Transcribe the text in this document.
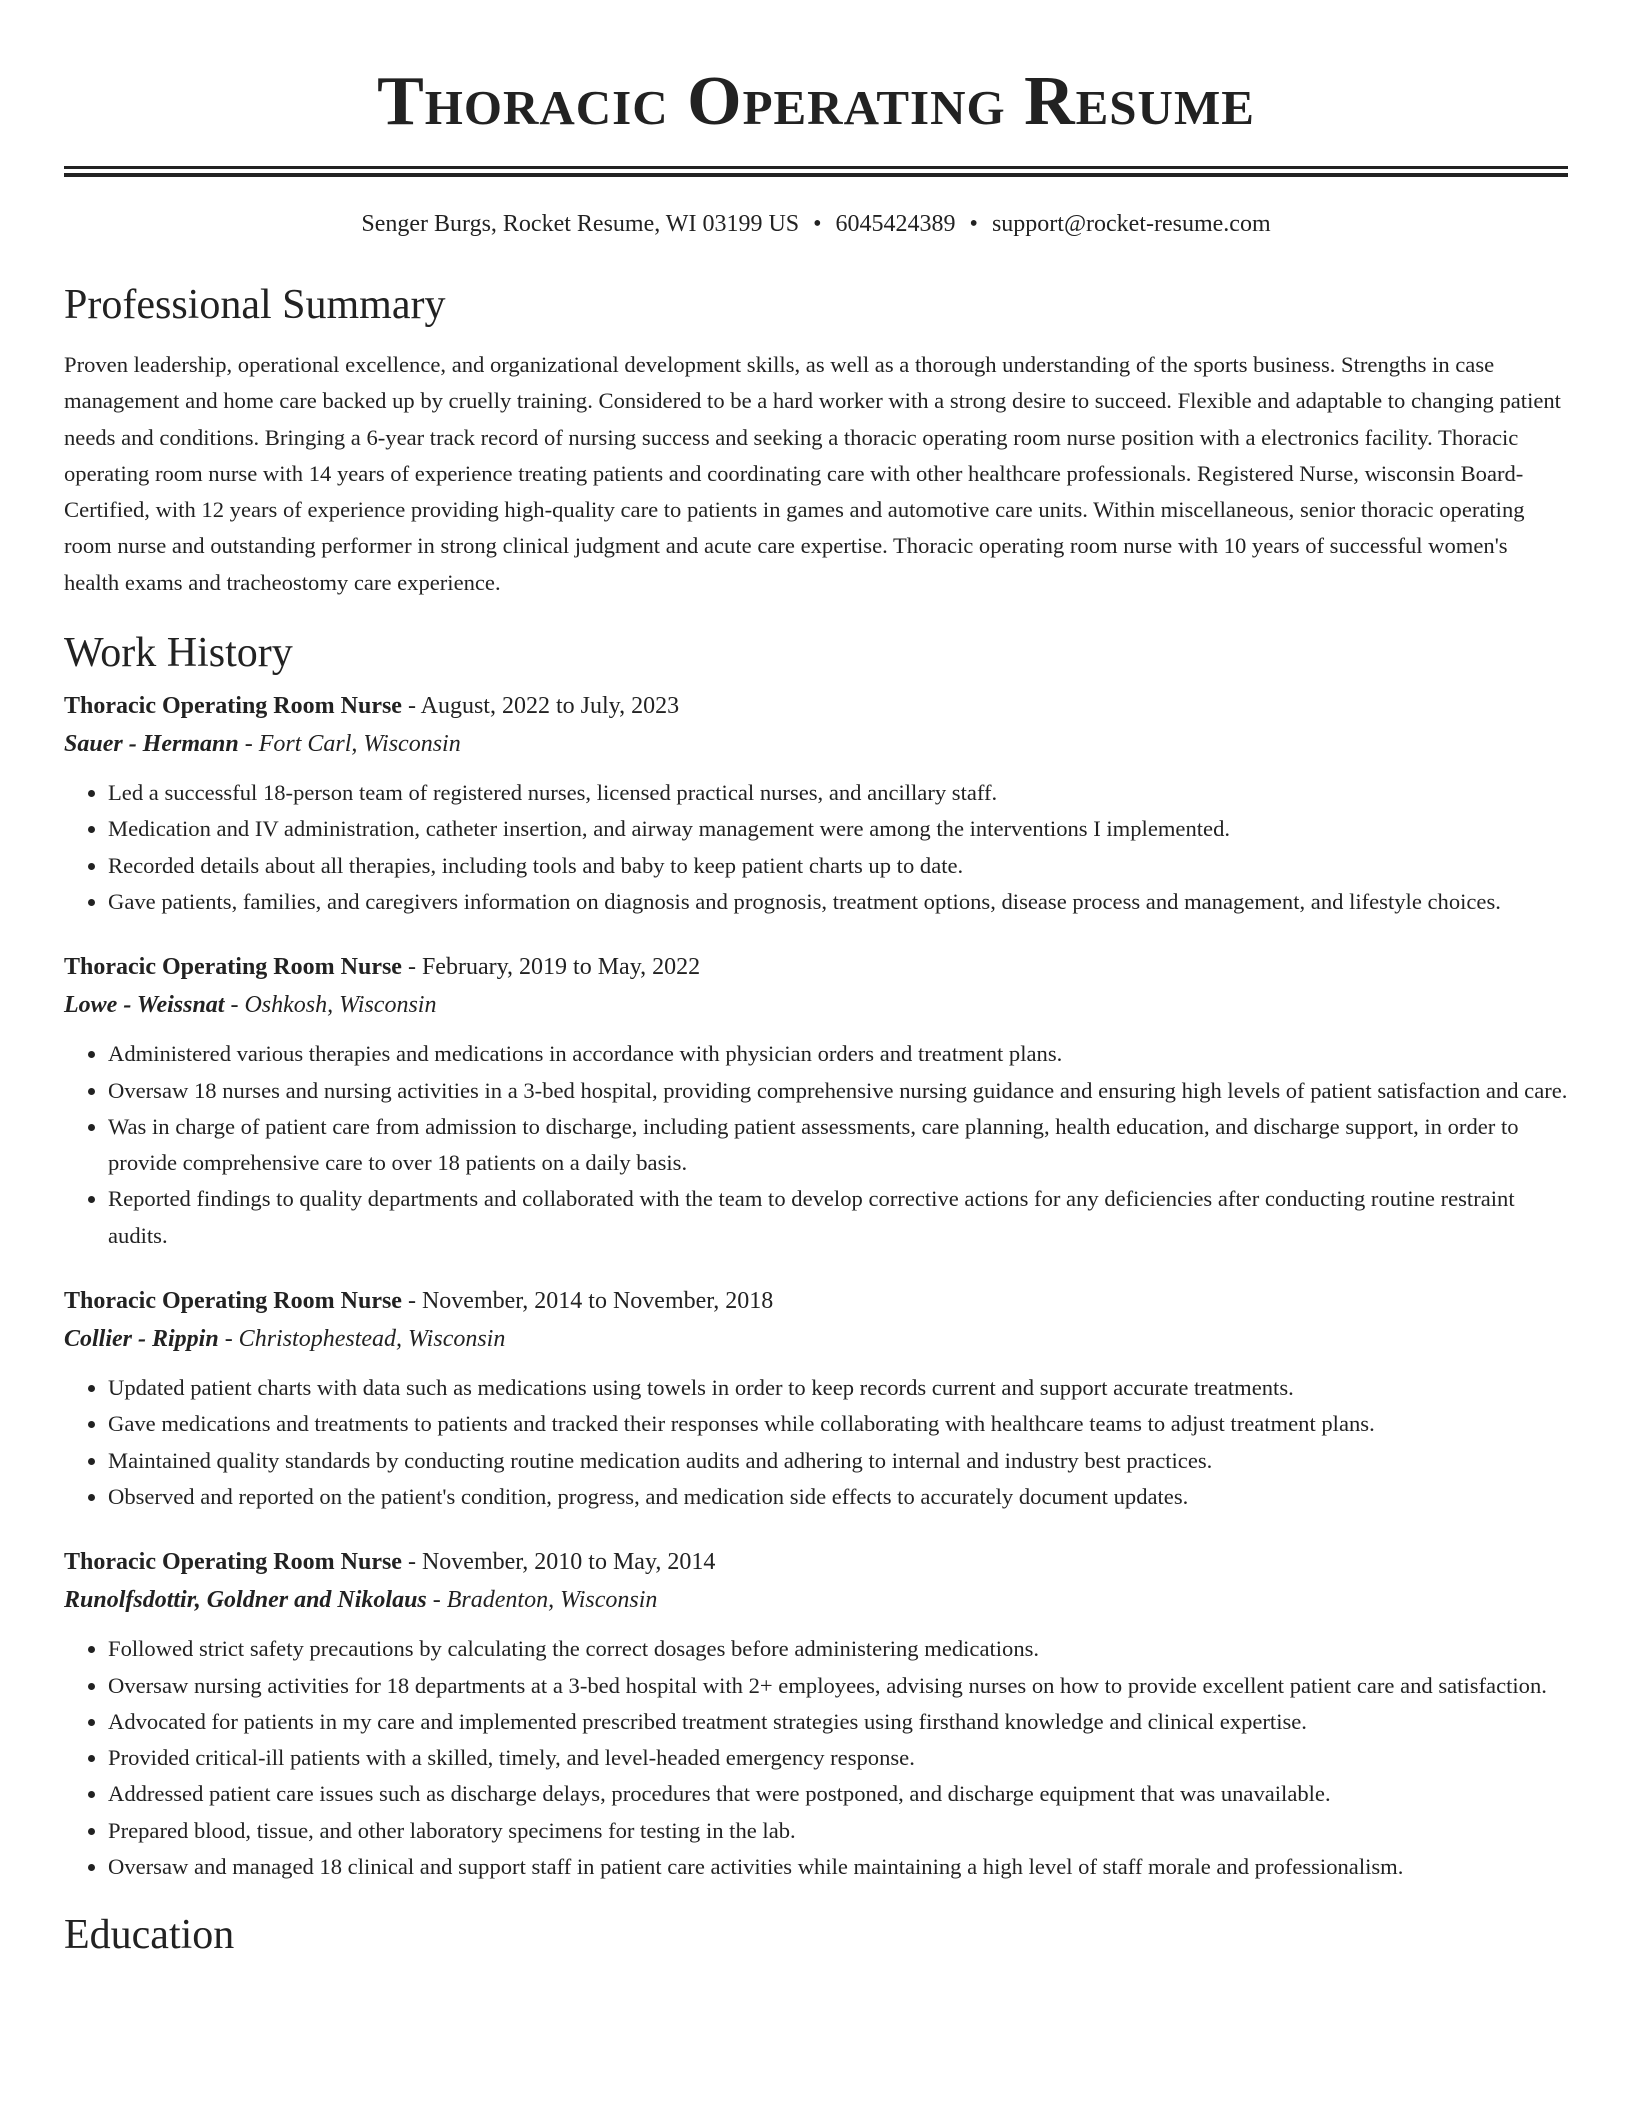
Thoracic Operating Resume
Senger Burgs, Rocket Resume, WI 03199 US • 6045424389 • support@rocket-resume.com
Professional Summary
Proven leadership, operational excellence, and organizational development skills, as well as a thorough understanding of the sports business. Strengths in case management and home care backed up by cruelly training. Considered to be a hard worker with a strong desire to succeed. Flexible and adaptable to changing patient needs and conditions. Bringing a 6-year track record of nursing success and seeking a thoracic operating room nurse position with a electronics facility. Thoracic operating room nurse with 14 years of experience treating patients and coordinating care with other healthcare professionals. Registered Nurse, wisconsin Board-Certified, with 12 years of experience providing high-quality care to patients in games and automotive care units. Within miscellaneous, senior thoracic operating room nurse and outstanding performer in strong clinical judgment and acute care expertise. Thoracic operating room nurse with 10 years of successful women's health exams and tracheostomy care experience.
Work History
Thoracic Operating Room Nurse - August, 2022 to July, 2023
Sauer - Hermann - Fort Carl, Wisconsin
• Led a successful 18-person team of registered nurses, licensed practical nurses, and ancillary staff.
• Medication and IV administration, catheter insertion, and airway management were among the interventions I implemented.
• Recorded details about all therapies, including tools and baby to keep patient charts up to date.
• Gave patients, families, and caregivers information on diagnosis and prognosis, treatment options, disease process and management, and lifestyle choices.
Thoracic Operating Room Nurse - February, 2019 to May, 2022
Lowe - Weissnat - Oshkosh, Wisconsin
• Administered various therapies and medications in accordance with physician orders and treatment plans.
• Oversaw 18 nurses and nursing activities in a 3-bed hospital, providing comprehensive nursing guidance and ensuring high levels of patient satisfaction and care.
• Was in charge of patient care from admission to discharge, including patient assessments, care planning, health education, and discharge support, in order to provide comprehensive care to over 18 patients on a daily basis.
• Reported findings to quality departments and collaborated with the team to develop corrective actions for any deficiencies after conducting routine restraint audits.
Thoracic Operating Room Nurse - November, 2014 to November, 2018
Collier - Rippin - Christophestead, Wisconsin
• Updated patient charts with data such as medications using towels in order to keep records current and support accurate treatments.
• Gave medications and treatments to patients and tracked their responses while collaborating with healthcare teams to adjust treatment plans.
• Maintained quality standards by conducting routine medication audits and adhering to internal and industry best practices.
• Observed and reported on the patient's condition, progress, and medication side effects to accurately document updates.
Thoracic Operating Room Nurse - November, 2010 to May, 2014
Runolfsdottir, Goldner and Nikolaus - Bradenton, Wisconsin
• Followed strict safety precautions by calculating the correct dosages before administering medications.
• Oversaw nursing activities for 18 departments at a 3-bed hospital with 2+ employees, advising nurses on how to provide excellent patient care and satisfaction.
• Advocated for patients in my care and implemented prescribed treatment strategies using firsthand knowledge and clinical expertise.
• Provided critical-ill patients with a skilled, timely, and level-headed emergency response.
• Addressed patient care issues such as discharge delays, procedures that were postponed, and discharge equipment that was unavailable.
• Prepared blood, tissue, and other laboratory specimens for testing in the lab.
• Oversaw and managed 18 clinical and support staff in patient care activities while maintaining a high level of staff morale and professionalism.
Education
